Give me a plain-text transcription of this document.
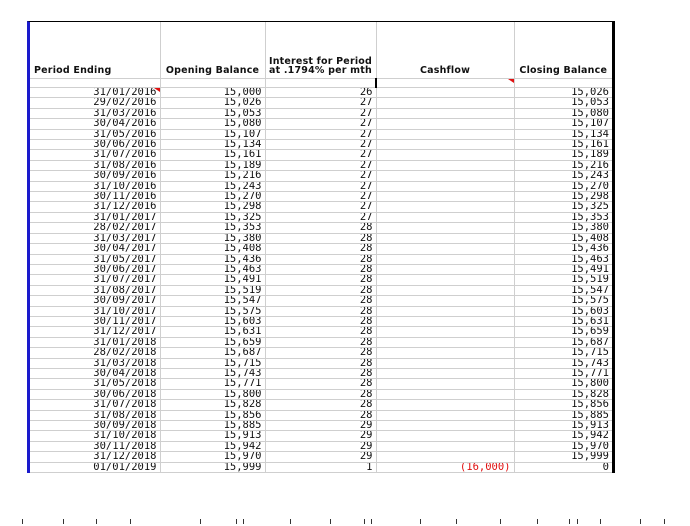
Period Ending	Opening Balance	Interest for Period at .1794% per mth	Cashflow	Closing Balance

31/01/2016	15,000	26		15,026
29/02/2016	15,026	27		15,053
31/03/2016	15,053	27		15,080
30/04/2016	15,080	27		15,107
31/05/2016	15,107	27		15,134
30/06/2016	15,134	27		15,161
31/07/2016	15,161	27		15,189
31/08/2016	15,189	27		15,216
30/09/2016	15,216	27		15,243
31/10/2016	15,243	27		15,270
30/11/2016	15,270	27		15,298
31/12/2016	15,298	27		15,325
31/01/2017	15,325	27		15,353
28/02/2017	15,353	28		15,380
31/03/2017	15,380	28		15,408
30/04/2017	15,408	28		15,436
31/05/2017	15,436	28		15,463
30/06/2017	15,463	28		15,491
31/07/2017	15,491	28		15,519
31/08/2017	15,519	28		15,547
30/09/2017	15,547	28		15,575
31/10/2017	15,575	28		15,603
30/11/2017	15,603	28		15,631
31/12/2017	15,631	28		15,659
31/01/2018	15,659	28		15,687
28/02/2018	15,687	28		15,715
31/03/2018	15,715	28		15,743
30/04/2018	15,743	28		15,771
31/05/2018	15,771	28		15,800
30/06/2018	15,800	28		15,828
31/07/2018	15,828	28		15,856
31/08/2018	15,856	28		15,885
30/09/2018	15,885	29		15,913
31/10/2018	15,913	29		15,942
30/11/2018	15,942	29		15,970
31/12/2018	15,970	29		15,999
01/01/2019	15,999	1	(16,000)	0
